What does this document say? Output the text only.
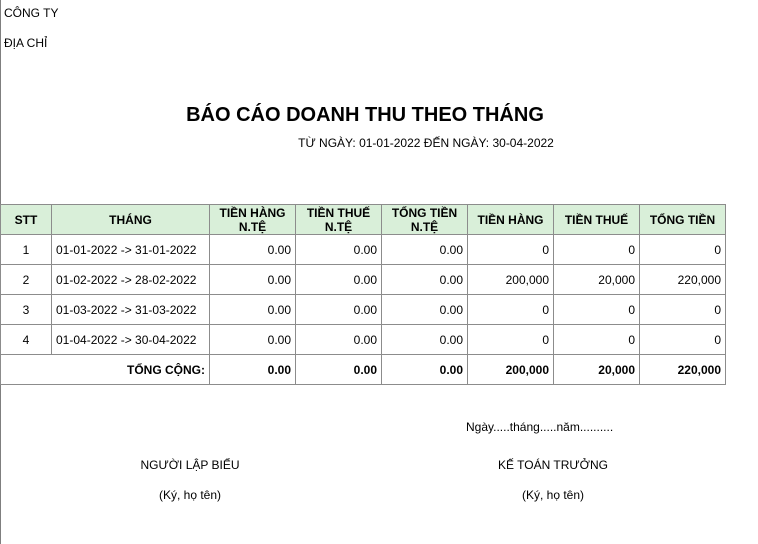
CÔNG TY
ĐỊA CHỈ
BÁO CÁO DOANH THU THEO THÁNG
TỪ NGÀY: 01-01-2022 ĐẾN NGÀY: 30-04-2022
STT	THÁNG	TIỀN HÀNG N.TỆ	TIỀN THUẾ N.TỆ	TỔNG TIỀN N.TỆ	TIỀN HÀNG	TIỀN THUẾ	TỔNG TIỀN
1	01-01-2022 -> 31-01-2022	0.00	0.00	0.00	0	0	0
2	01-02-2022 -> 28-02-2022	0.00	0.00	0.00	200,000	20,000	220,000
3	01-03-2022 -> 31-03-2022	0.00	0.00	0.00	0	0	0
4	01-04-2022 -> 30-04-2022	0.00	0.00	0.00	0	0	0
TỔNG CỘNG:		0.00	0.00	0.00	200,000	20,000	220,000
Ngày.....tháng.....năm..........
NGƯỜI LẬP BIỂU
(Ký, họ tên)
KẾ TOÁN TRƯỞNG
(Ký, họ tên)
